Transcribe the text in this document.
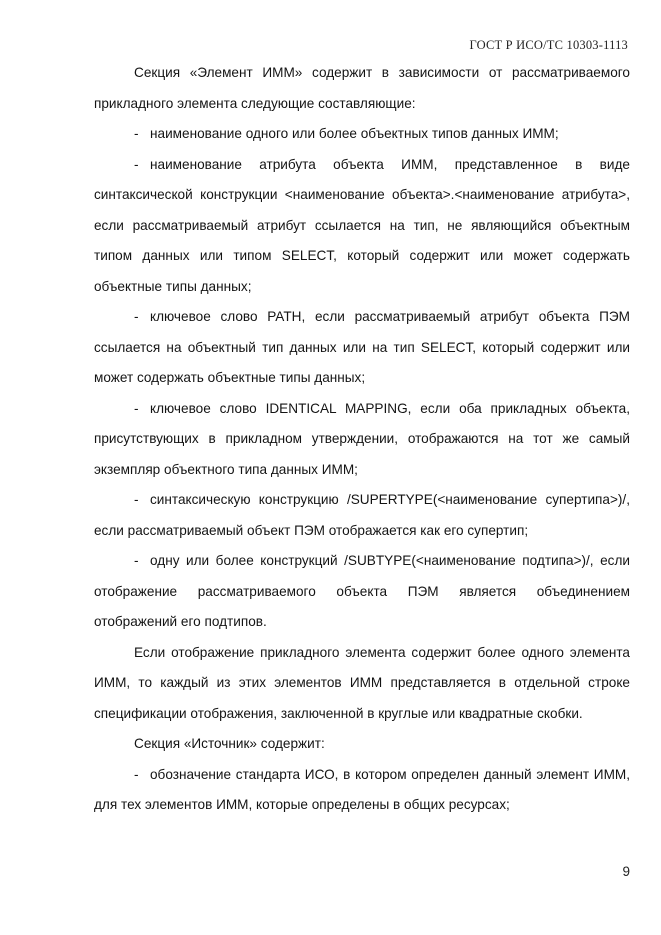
ГОСТ Р ИСО/ТС 10303-1113

Секция «Элемент ИММ» содержит в зависимости от рассматриваемого прикладного элемента следующие составляющие:

- наименование одного или более объектных типов данных ИММ;

- наименование атрибута объекта ИММ, представленное в виде синтаксической конструкции <наименование объекта>.<наименование атрибута>, если рассматриваемый атрибут ссылается на тип, не являющийся объектным типом данных или типом SELECT, который содержит или может содержать объектные типы данных;

- ключевое слово PATH, если рассматриваемый атрибут объекта ПЭМ ссылается на объектный тип данных или на тип SELECT, который содержит или может содержать объектные типы данных;

- ключевое слово IDENTICAL MAPPING, если оба прикладных объекта, присутствующих в прикладном утверждении, отображаются на тот же самый экземпляр объектного типа данных ИММ;

- синтаксическую конструкцию /SUPERTYPE(<наименование супертипа>)/, если рассматриваемый объект ПЭМ отображается как его супертип;

- одну или более конструкций /SUBTYPE(<наименование подтипа>)/, если отображение рассматриваемого объекта ПЭМ является объединением отображений его подтипов.

Если отображение прикладного элемента содержит более одного элемента ИММ, то каждый из этих элементов ИММ представляется в отдельной строке спецификации отображения, заключенной в круглые или квадратные скобки.

Секция «Источник» содержит:

- обозначение стандарта ИСО, в котором определен данный элемент ИММ, для тех элементов ИММ, которые определены в общих ресурсах;

9
